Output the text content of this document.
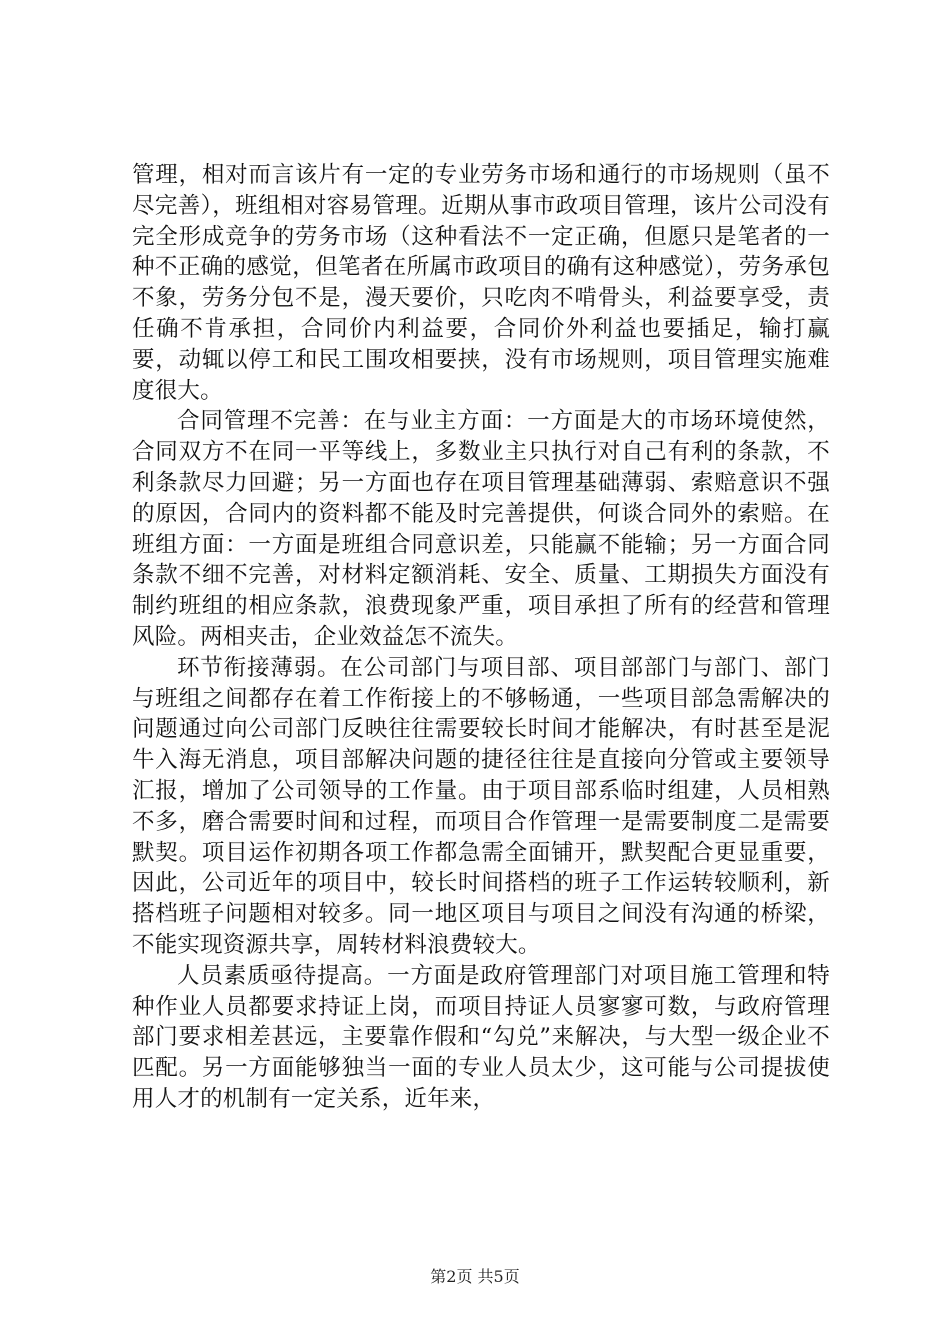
管理，相对而言该片有一定的专业劳务市场和通行的市场规则（虽不尽完善），班组相对容易管理。近期从事市政项目管理，该片公司没有完全形成竞争的劳务市场（这种看法不一定正确，但愿只是笔者的一种不正确的感觉，但笔者在所属市政项目的确有这种感觉），劳务承包不象，劳务分包不是，漫天要价，只吃肉不啃骨头，利益要享受，责任确不肯承担，合同价内利益要，合同价外利益也要插足，输打赢要，动辄以停工和民工围攻相要挟，没有市场规则，项目管理实施难度很大。

合同管理不完善：在与业主方面：一方面是大的市场环境使然，合同双方不在同一平等线上，多数业主只执行对自己有利的条款，不利条款尽力回避；另一方面也存在项目管理基础薄弱、索赔意识不强的原因，合同内的资料都不能及时完善提供，何谈合同外的索赔。在班组方面：一方面是班组合同意识差，只能赢不能输；另一方面合同条款不细不完善，对材料定额消耗、安全、质量、工期损失方面没有制约班组的相应条款，浪费现象严重，项目承担了所有的经营和管理风险。两相夹击，企业效益怎不流失。

环节衔接薄弱。在公司部门与项目部、项目部部门与部门、部门与班组之间都存在着工作衔接上的不够畅通，一些项目部急需解决的问题通过向公司部门反映往往需要较长时间才能解决，有时甚至是泥牛入海无消息，项目部解决问题的捷径往往是直接向分管或主要领导汇报，增加了公司领导的工作量。由于项目部系临时组建，人员相熟不多，磨合需要时间和过程，而项目合作管理一是需要制度二是需要默契。项目运作初期各项工作都急需全面铺开，默契配合更显重要，因此，公司近年的项目中，较长时间搭档的班子工作运转较顺利，新搭档班子问题相对较多。同一地区项目与项目之间没有沟通的桥梁，不能实现资源共享，周转材料浪费较大。

人员素质亟待提高。一方面是政府管理部门对项目施工管理和特种作业人员都要求持证上岗，而项目持证人员寥寥可数，与政府管理部门要求相差甚远，主要靠作假和“勾兑”来解决，与大型一级企业不匹配。另一方面能够独当一面的专业人员太少，这可能与公司提拔使用人才的机制有一定关系，近年来，

第2页 共5页
